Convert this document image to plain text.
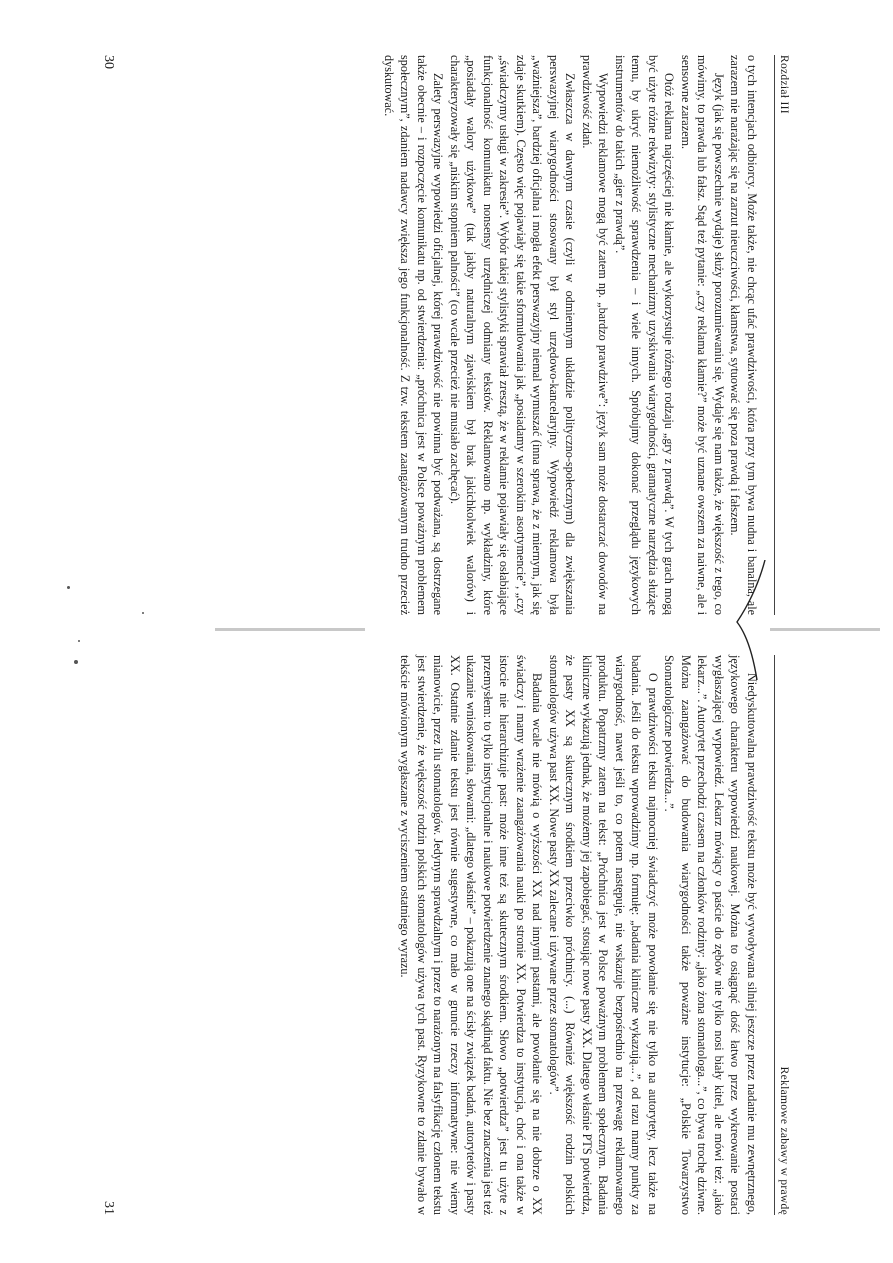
Rozdział III

o tych intencjach odbiorcy. Może także, nie chcąc ufać prawdziwości, która przy tym bywa nudna i banalna, ale zarazem nie narażając się na zarzut nieuczciwości, kłamstwa, sytuować się poza prawdą i fałszem.

Język (jak się powszechnie wydaje) służy porozumiewaniu się. Wydaje się nam także, że większość z tego, co mówimy, to prawda lub fałsz. Stąd też pytanie: „czy reklama kłamie?” może być uznane owszem za naiwne, ale i sensowne zarazem.

Otóż reklama najczęściej nie kłamie, ale wykorzystuje różnego rodzaju „gry z prawdą”. W tych grach mogą być użyte różne rekwizyty: stylistyczne mechanizmy uzyskiwania wiarygodności, gramatyczne narzędzia służące temu, by ukryć niemożliwość sprawdzenia – i wiele innych. Spróbujmy dokonać przeglądu językowych instrumentów do takich „gier z prawdą”.

Wypowiedzi reklamowe mogą być zatem np. „bardzo prawdziwe”: język sam może dostarczać dowodów na prawdziwość zdań.

Zwłaszcza w dawnym czasie (czyli w odmiennym układzie polityczno-społecznym) dla zwiększania perswazyjnej wiarygodności stosowany był styl urzędowo-kancelaryjny. Wypowiedź reklamowa była „ważniejsza”, bardziej oficjalna i mogła efekt perswazyjny niemal wymuszać (inna sprawa, że z miernym, jak się zdaje skutkiem). Często więc pojawiały się takie sformułowania jak „posiadamy w szerokim asortymencie”, „czy „świadczymy usługi w zakresie”. Wybór takiej stylistyki sprawiał zresztą, że w reklamie pojawiały się osłabiające funkcjonalność komunikatu nonsensy urzędniczej odmiany tekstów. Reklamowano np. wykładziny, które „posiadały walory użytkowe” (tak jakby naturalnym zjawiskiem był brak jakichkolwiek walorów) i charakteryzowały się „niskim stopniem palności” (co wcale przecież nie musiało zachęcać).

Zalety perswazyjne wypowiedzi oficjalnej, której prawdziwość nie powinna być podważana, są dostrzegane także obecnie – i rozpoczęcie komunikatu np. od stwierdzenia: „próchnica jest w Polsce poważnym problemem społecznym”, zdaniem nadawcy zwiększa jego funkcjonalność. Z tzw. tekstem zaangażowanym trudno przecież dyskutować.

30
Reklamowe zabawy w prawdę

Niedyskutowalna prawdziwość tekstu może być wywoływana silniej jeszcze przez nadanie mu zewnętrznego, językowego charakteru wypowiedzi naukowej. Można to osiągnąć dość łatwo przez wykreowanie postaci wygłaszającej wypowiedź. Lekarz mówiący o paście do zębów nie tylko nosi biały kitel, ale mówi też: „jako lekarz...”. Autorytet przechodzi czasem na członków rodziny: „jako żona stomatologa...”, co bywa trochę dziwne. Można zaangażować do budowania wiarygodności także poważne instytucje: „Polskie Towarzystwo Stomatologiczne potwierdza...”.

O prawdziwości tekstu najmocniej świadczyć może powołanie się nie tylko na autorytety, lecz także na badania. Jeśli do tekstu wprowadzimy np. formułę: „badania kliniczne wykazują...”, od razu mamy punkty za wiarygodność, nawet jeśli to, co potem następuje, nie wskazuje bezpośrednio na przewagę reklamowanego produktu. Popatrzmy zatem na tekst: „Próchnica jest w Polsce poważnym problemem społecznym. Badania kliniczne wykazują jednak, że możemy jej zapobiegać, stosując nowe pasty XX. Dlatego właśnie PTS potwierdza, że pasty XX są skutecznym środkiem przeciwko próchnicy. (...) Również większość rodzin polskich stomatologów używa past XX. Nowe pasty XX zalecane i używane przez stomatologów”.

Badania wcale nie mówią o wyższości XX nad innymi pastami, ale powołanie się na nie dobrze o XX świadczy i mamy wrażenie zaangażowania nauki po stronie XX. Potwierdza to instytucja, choć i ona także w istocie nie hierarchizuje past: może inne też są skutecznym środkiem. Słowo „potwierdza” jest tu użyte z przemysłem: to tylko instytucjonalne i naukowe potwierdzenie znanego skądinąd faktu. Nie bez znaczenia jest też ukazanie wnioskowania, słowami: „dlatego właśnie” – pokazują one na ścisły związek badań, autorytetów i pasty XX. Ostatnie zdanie tekstu jest równie sugestywne, co mało w gruncie rzeczy informatywne: nie wiemy mianowicie, przez ilu stomatologów. Jedynym sprawdzalnym i przez to narażonym na falsyfikację członem tekstu jest stwierdzenie, że większość rodzin polskich stomatologów używa tych past. Ryzykowne to zdanie bywało w tekście mówionym wygłaszane z wyciszeniem ostatniego wyrazu.

31
